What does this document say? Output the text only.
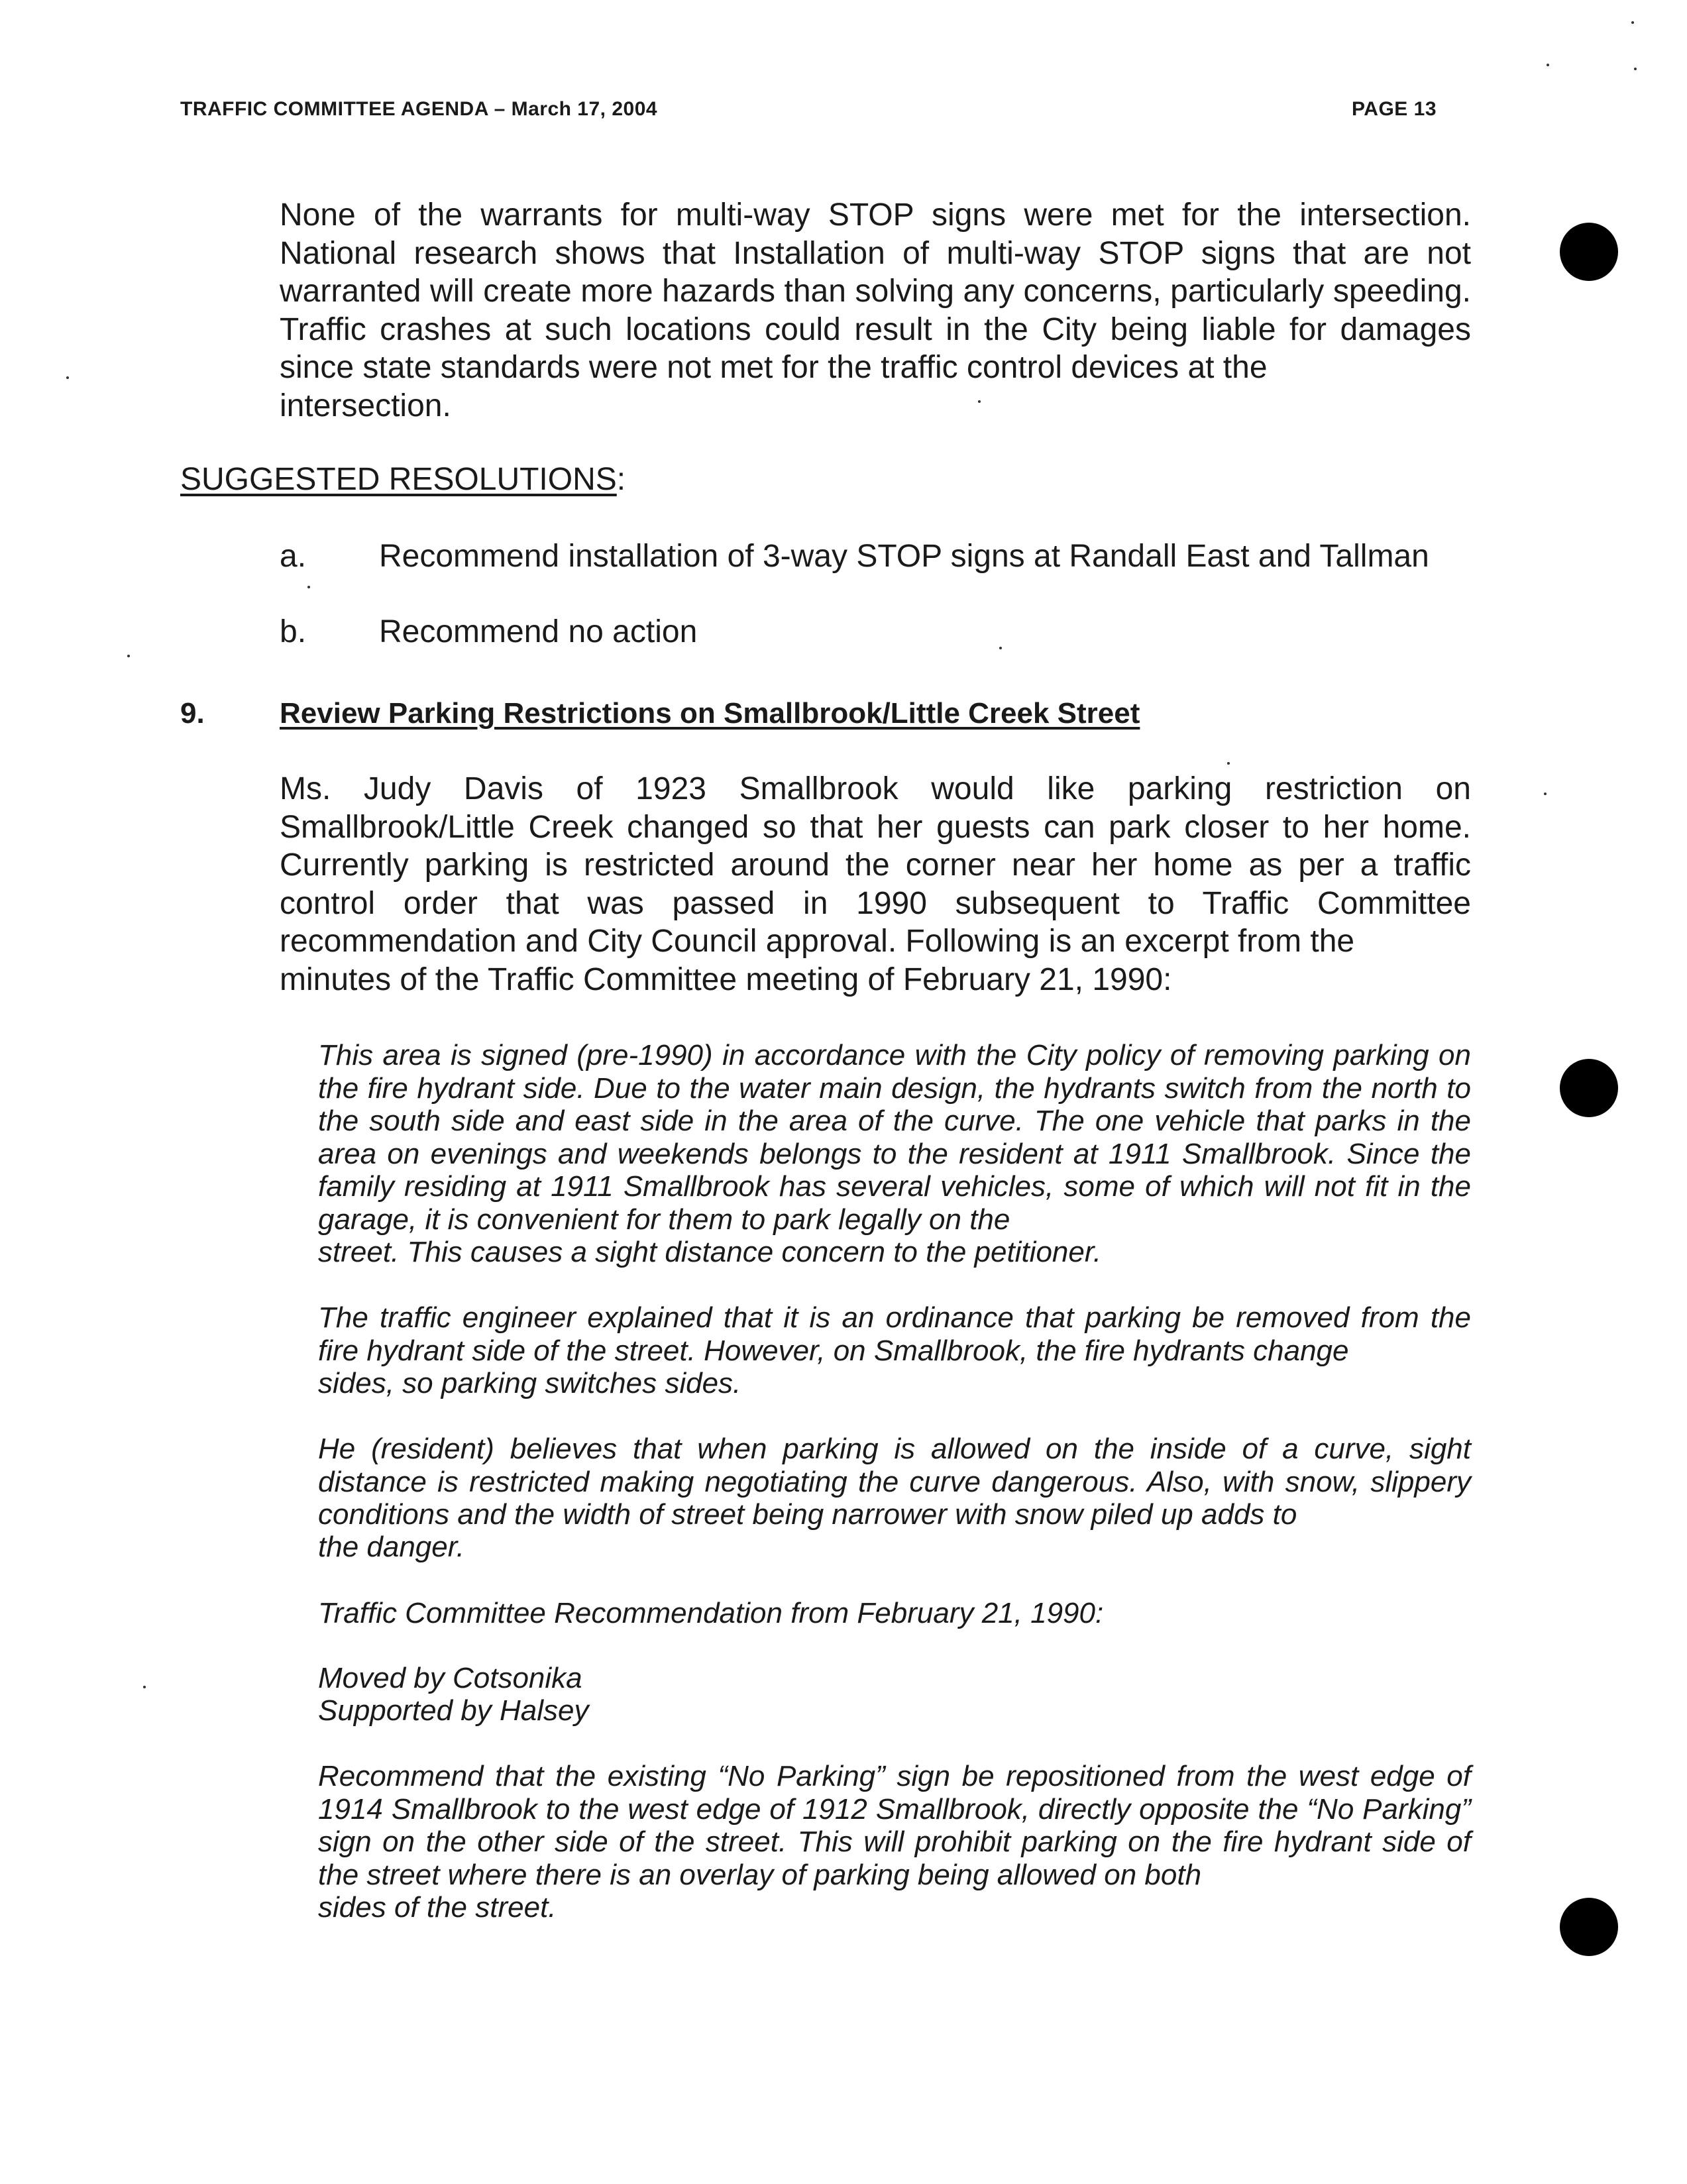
TRAFFIC COMMITTEE AGENDA – March 17, 2004	PAGE 13
None of the warrants for multi-way STOP signs were met for the intersection. National research shows that Installation of multi-way STOP signs that are not warranted will create more hazards than solving any concerns, particularly speeding. Traffic crashes at such locations could result in the City being liable for damages since state standards were not met for the traffic control devices at the
intersection.
SUGGESTED RESOLUTIONS:
a. Recommend installation of 3-way STOP signs at Randall East and Tallman
b. Recommend no action
9.	Review Parking Restrictions on Smallbrook/Little Creek Street
Ms. Judy Davis of 1923 Smallbrook would like parking restriction on Smallbrook/Little Creek changed so that her guests can park closer to her home. Currently parking is restricted around the corner near her home as per a traffic control order that was passed in 1990 subsequent to Traffic Committee recommendation and City Council approval. Following is an excerpt from the
minutes of the Traffic Committee meeting of February 21, 1990:
This area is signed (pre-1990) in accordance with the City policy of removing parking on the fire hydrant side. Due to the water main design, the hydrants switch from the north to the south side and east side in the area of the curve. The one vehicle that parks in the area on evenings and weekends belongs to the resident at 1911 Smallbrook. Since the family residing at 1911 Smallbrook has several vehicles, some of which will not fit in the garage, it is convenient for them to park legally on the
street. This causes a sight distance concern to the petitioner.
The traffic engineer explained that it is an ordinance that parking be removed from the fire hydrant side of the street. However, on Smallbrook, the fire hydrants change
sides, so parking switches sides.
He (resident) believes that when parking is allowed on the inside of a curve, sight distance is restricted making negotiating the curve dangerous. Also, with snow, slippery conditions and the width of street being narrower with snow piled up adds to
the danger.
Traffic Committee Recommendation from February 21, 1990:
Moved by Cotsonika
Supported by Halsey
Recommend that the existing “No Parking” sign be repositioned from the west edge of 1914 Smallbrook to the west edge of 1912 Smallbrook, directly opposite the “No Parking” sign on the other side of the street. This will prohibit parking on the fire hydrant side of the street where there is an overlay of parking being allowed on both
sides of the street.
